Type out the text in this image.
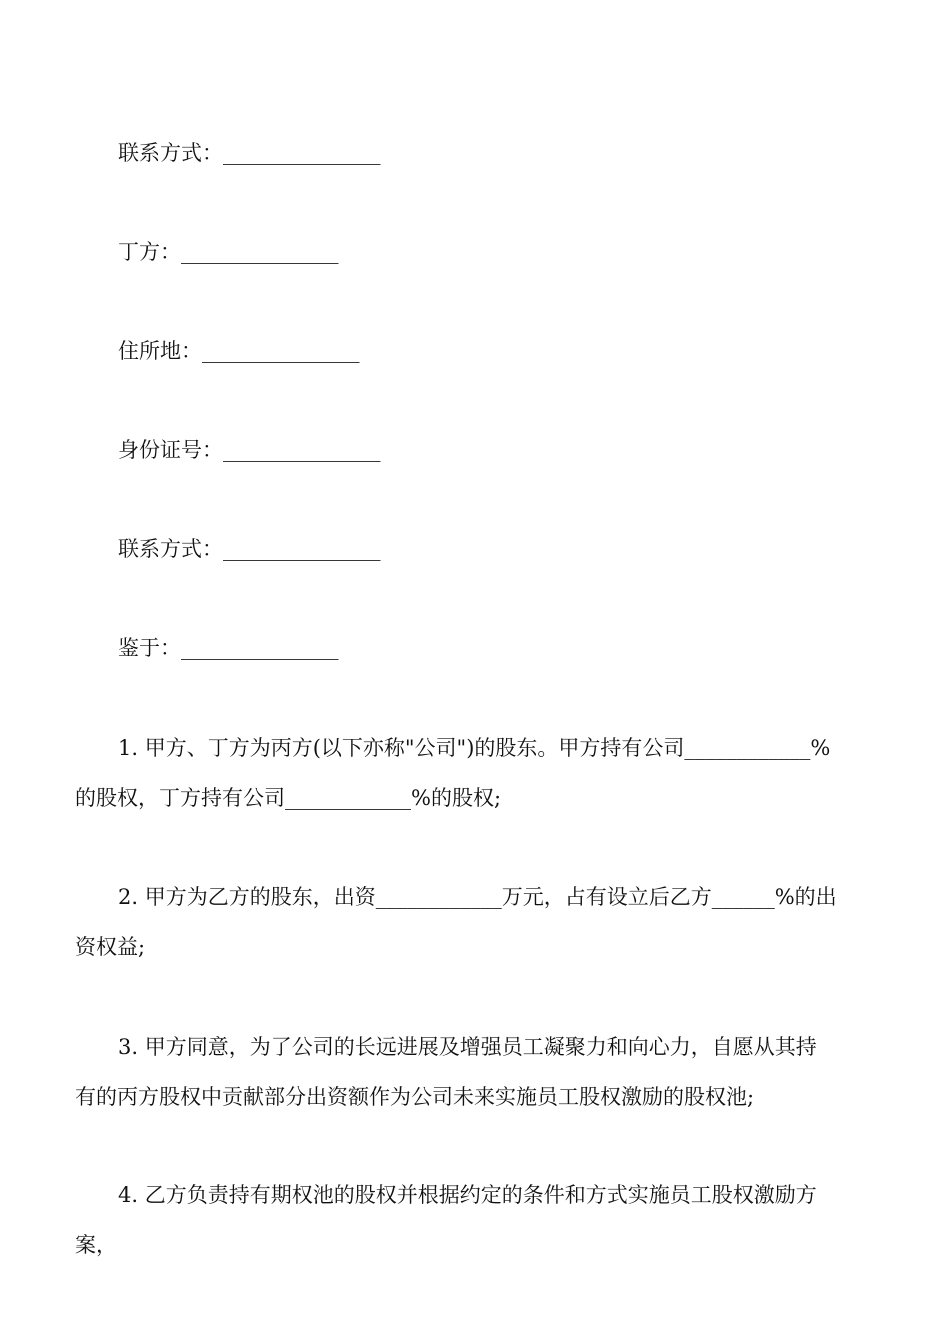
联系方式：_______________
丁方：_______________
住所地：_______________
身份证号：_______________
联系方式：_______________
鉴于：_______________
1. 甲方、丁方为丙方(以下亦称"公司")的股东。甲方持有公司____________%
的股权，丁方持有公司____________%的股权;
2. 甲方为乙方的股东，出资____________万元，占有设立后乙方______%的出
资权益;
3. 甲方同意，为了公司的长远进展及增强员工凝聚力和向心力，自愿从其持
有的丙方股权中贡献部分出资额作为公司未来实施员工股权激励的股权池;
4. 乙方负责持有期权池的股权并根据约定的条件和方式实施员工股权激励方
案，
